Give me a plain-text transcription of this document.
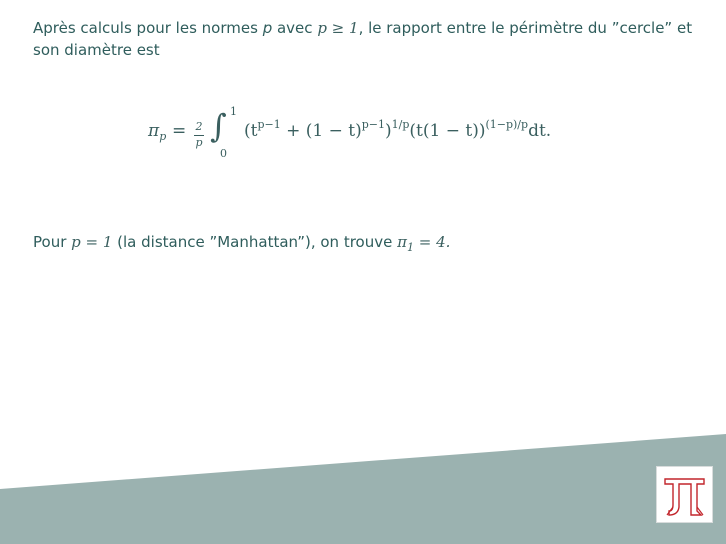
Après calculs pour les normes p avec p ≥ 1, le rapport entre le périmètre du ”cercle” et son diamètre est
$\pi_p = 2$
p ∫ 1
0
$(t^{p-1} + (1 - t)^{p-1})^{1/p}(t(1 - t))^{(1-p)/p}dt$.
Pour p = 1 (la distance ”Manhattan”), on trouve $\pi_1 = 4$.
